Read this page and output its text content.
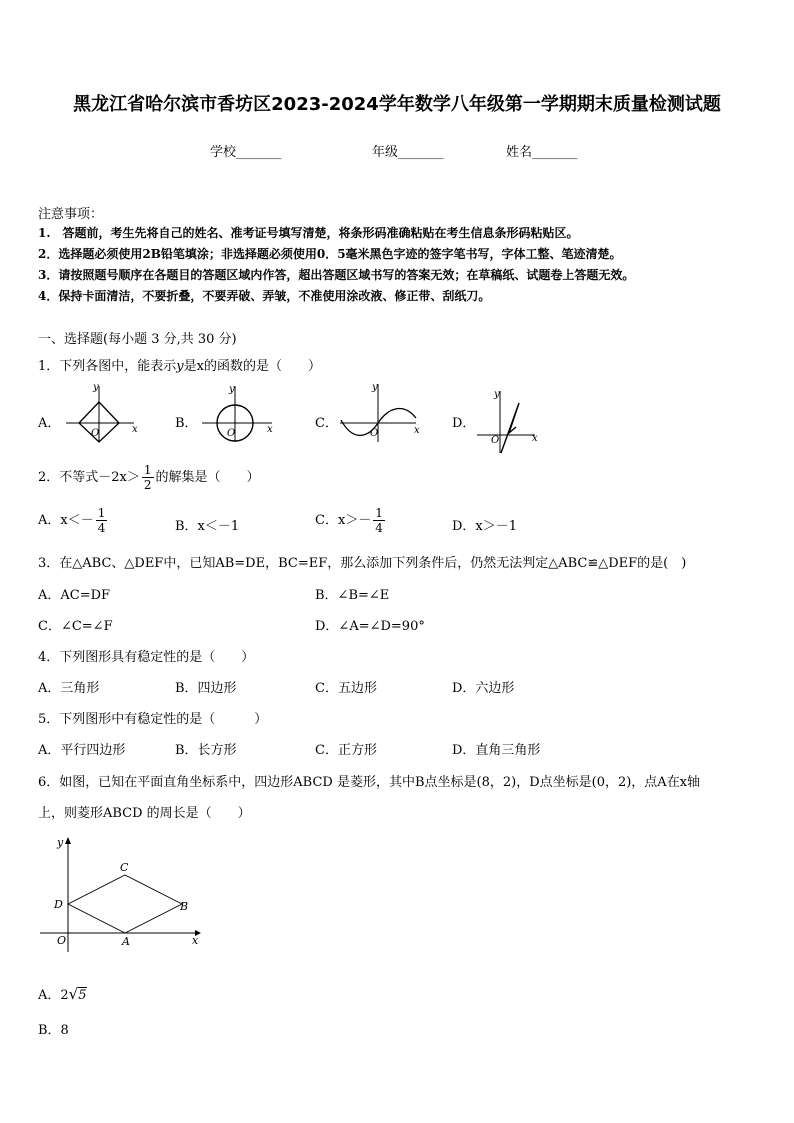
黑龙江省哈尔滨市香坊区2023-2024学年数学八年级第一学期期末质量检测试题
学校_______	年级_______	姓名_______
注意事项：
1.　答题前，考生先将自己的姓名、准考证号填写清楚，将条形码准确粘贴在考生信息条形码粘贴区。
2．选择题必须使用2B铅笔填涂；非选择题必须使用0．5毫米黑色字迹的签字笔书写，字体工整、笔迹清楚。
3．请按照题号顺序在各题目的答题区域内作答，超出答题区域书写的答案无效；在草稿纸、试题卷上答题无效。
4．保持卡面清洁，不要折叠，不要弄破、弄皱，不准使用涂改液、修正带、刮纸刀。
一、选择题(每小题 3 分,共 30 分)
1．下列各图中，能表示y是x的函数的是（　　）
A．	B．	C．	D．
y
x
O
y
x
O
y
x
O
y
x
O
2．不等式$-2x> \frac{1}{2}$ 的解集是（　　）
A．$x<- \frac{1}{4}$	B．x＜－1	C．$x>- \frac{1}{4}$	D．x＞－1
3．在△ABC、△DEF中，已知AB=DE，BC=EF，那么添加下列条件后，仍然无法判定△ABC≌△DEF的是(　)
A．AC=DF	B．∠B=∠E
C．∠C=∠F	D．∠A=∠D=90°
4．下列图形具有稳定性的是（　　）
A．三角形	B．四边形	C．五边形	D．六边形
5．下列图形中有稳定性的是（　　　）
A．平行四边形	B．长方形	C．正方形	D．直角三角形
6．如图，已知在平面直角坐标系中，四边形ABCD 是菱形，其中B点坐标是(8，2)，D点坐标是(0，2)，点A在x轴
上，则菱形ABCD 的周长是（　　）
y
x
O	A
B
C
D
A．2√5
B．8
